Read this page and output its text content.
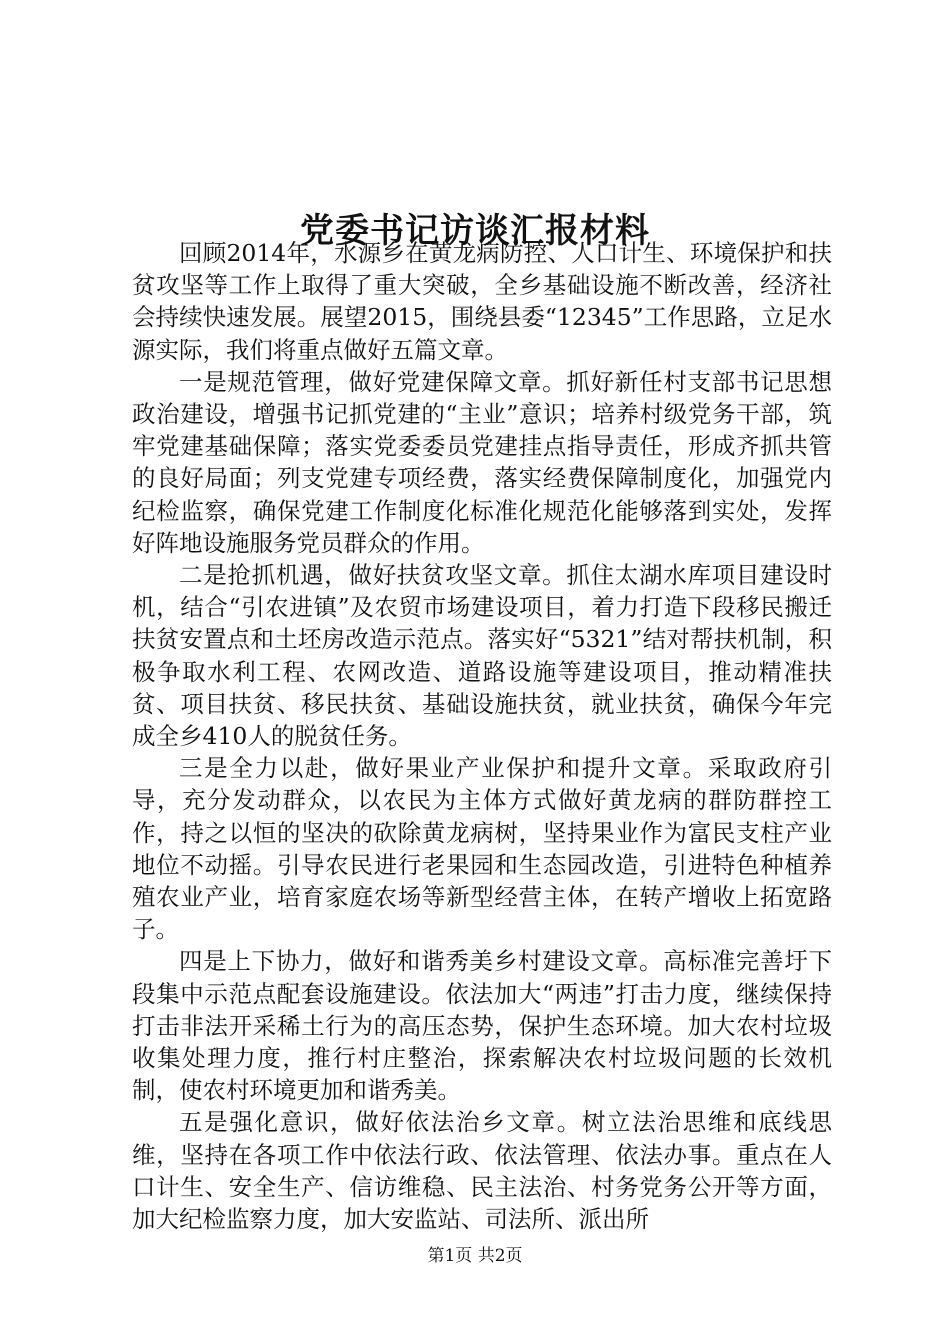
党委书记访谈汇报材料

回顾2014年，水源乡在黄龙病防控、人口计生、环境保护和扶贫攻坚等工作上取得了重大突破，全乡基础设施不断改善，经济社会持续快速发展。展望2015，围绕县委“12345”工作思路，立足水源实际，我们将重点做好五篇文章。

一是规范管理，做好党建保障文章。抓好新任村支部书记思想政治建设，增强书记抓党建的“主业”意识；培养村级党务干部，筑牢党建基础保障；落实党委委员党建挂点指导责任，形成齐抓共管的良好局面；列支党建专项经费，落实经费保障制度化，加强党内纪检监察，确保党建工作制度化标准化规范化能够落到实处，发挥好阵地设施服务党员群众的作用。

二是抢抓机遇，做好扶贫攻坚文章。抓住太湖水库项目建设时机，结合“引农进镇”及农贸市场建设项目，着力打造下段移民搬迁扶贫安置点和土坯房改造示范点。落实好“5321”结对帮扶机制，积极争取水利工程、农网改造、道路设施等建设项目，推动精准扶贫、项目扶贫、移民扶贫、基础设施扶贫，就业扶贫，确保今年完成全乡410人的脱贫任务。

三是全力以赴，做好果业产业保护和提升文章。采取政府引导，充分发动群众，以农民为主体方式做好黄龙病的群防群控工作，持之以恒的坚决的砍除黄龙病树，坚持果业作为富民支柱产业地位不动摇。引导农民进行老果园和生态园改造，引进特色种植养殖农业产业，培育家庭农场等新型经营主体，在转产增收上拓宽路子。

四是上下协力，做好和谐秀美乡村建设文章。高标准完善圩下段集中示范点配套设施建设。依法加大“两违”打击力度，继续保持打击非法开采稀土行为的高压态势，保护生态环境。加大农村垃圾收集处理力度，推行村庄整治，探索解决农村垃圾问题的长效机制，使农村环境更加和谐秀美。

五是强化意识，做好依法治乡文章。树立法治思维和底线思维，坚持在各项工作中依法行政、依法管理、依法办事。重点在人口计生、安全生产、信访维稳、民主法治、村务党务公开等方面，加大纪检监察力度，加大安监站、司法所、派出所

第1页 共2页
